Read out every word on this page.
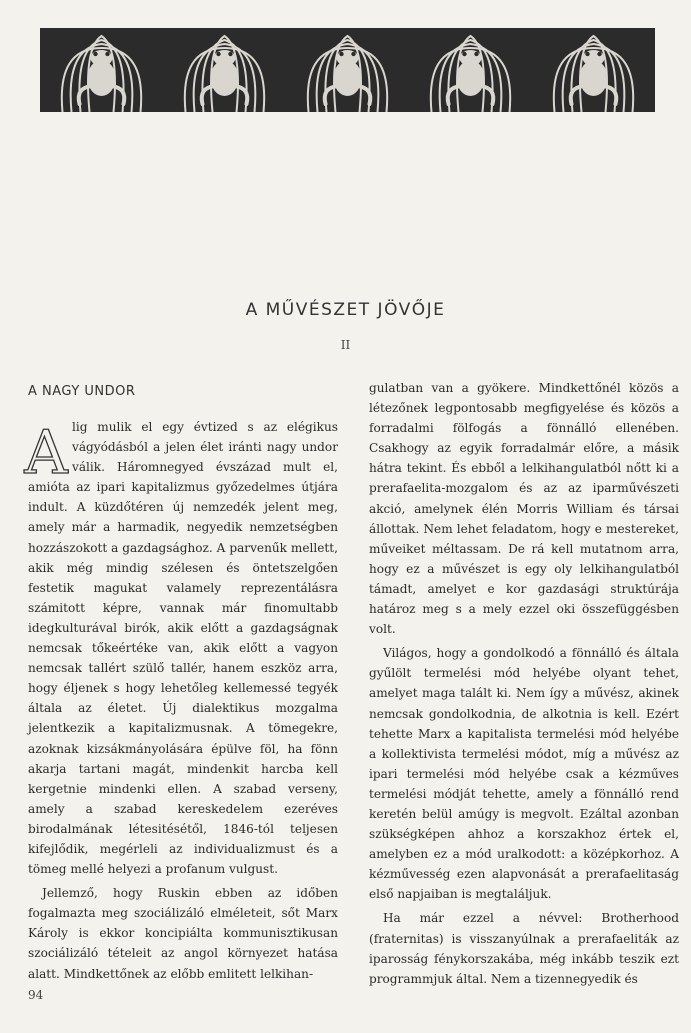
A MŰVÉSZET JÖVŐJE
II
A NAGY UNDOR

A lig mulik el egy évtized s az elégikus vágyódásból a jelen élet iránti nagy undor válik. Háromnegyed évszázad mult el, amióta az ipari kapitalizmus győzedelmes útjára indult. A küzdőtéren új nemzedék jelent meg, amely már a harmadik, negyedik nemzetségben hozzászokott a gazdagsághoz. A parvenűk mellett, akik még mindig szélesen és öntetszelgően festetik magukat valamely reprezentálásra számitott képre, vannak már finomultabb idegkulturával birók, akik előtt a gazdagságnak nemcsak tőkeértéke van, akik előtt a vagyon nemcsak tallért szülő tallér, hanem eszköz arra, hogy éljenek s hogy lehetőleg kellemessé tegyék általa az életet. Új dialektikus mozgalma jelentkezik a kapitalizmusnak. A tömegekre, azoknak kizsákmányolására épülve föl, ha fönn akarja tartani magát, mindenkit harcba kell kergetnie mindenki ellen. A szabad verseny, amely a szabad kereskedelem ezeréves birodalmának létesitésétől, 1846-tól teljesen kifejlődik, megérleli az individualizmust és a tömeg mellé helyezi a profanum vulgust.

Jellemző, hogy Ruskin ebben az időben fogalmazta meg szociálizáló elméleteit, sőt Marx Károly is ekkor koncipiálta kommunisztikusan szociálizáló tételeit az angol környezet hatása alatt. Mindkettőnek az előbb emlitett lelkihan-

gulatban van a gyökere. Mindkettőnél közös a létezőnek legpontosabb megfigyelése és közös a forradalmi fölfogás a fönnálló ellenében. Csakhogy az egyik forradalmár előre, a másik hátra tekint. És ebből a lelkihangulatból nőtt ki a prerafaelita-mozgalom és az az iparművészeti akció, amelynek élén Morris William és társai állottak. Nem lehet feladatom, hogy e mestereket, műveiket méltassam. De rá kell mutatnom arra, hogy ez a művészet is egy oly lelkihangulatból támadt, amelyet e kor gazdasági struktúrája határoz meg s a mely ezzel oki összefüggésben volt.

Világos, hogy a gondolkodó a fönnálló és általa gyűlölt termelési mód helyébe olyant tehet, amelyet maga talált ki. Nem így a művész, akinek nemcsak gondolkodnia, de alkotnia is kell. Ezért tehette Marx a kapitalista termelési mód helyébe a kollektivista termelési módot, míg a művész az ipari termelési mód helyébe csak a kézműves termelési módját tehette, amely a fönnálló rend keretén belül amúgy is megvolt. Ezáltal azonban szükségképen ahhoz a korszakhoz értek el, amelyben ez a mód uralkodott: a középkorhoz. A kézművesség ezen alapvonását a prerafaelitaság első napjaiban is megtaláljuk.

Ha már ezzel a névvel: Brotherhood (fraternitas) is visszanyúlnak a prerafaeliták az iparosság fénykorszakába, még inkább teszik ezt programmjuk által. Nem a tizennegyedik és

94
